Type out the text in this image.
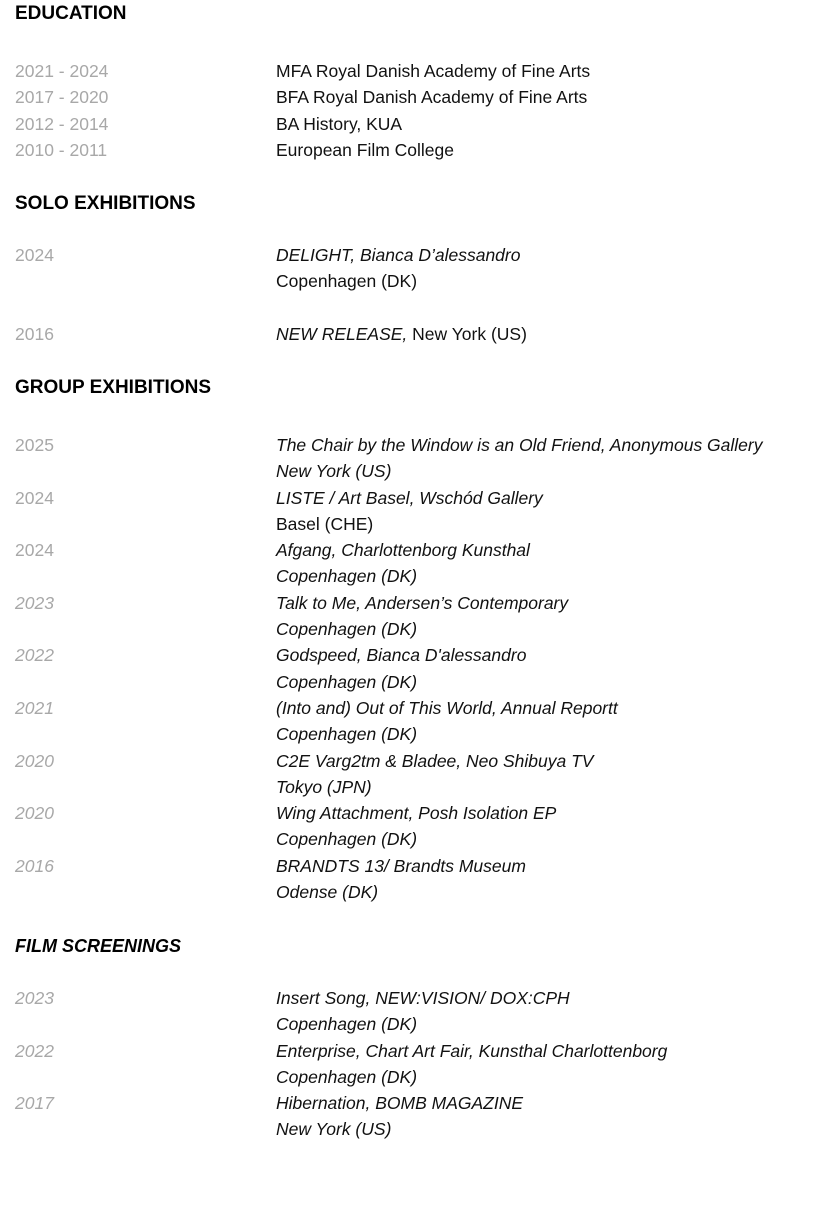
EDUCATION
2021 - 2024	MFA Royal Danish Academy of Fine Arts
2017 - 2020	BFA Royal Danish Academy of Fine Arts
2012 - 2014	BA History, KUA
2010 - 2011	European Film College
SOLO EXHIBITIONS
2024	DELIGHT, Bianca D’alessandro
Copenhagen (DK)
2016	NEW RELEASE, New York (US)
GROUP EXHIBITIONS
2025	The Chair by the Window is an Old Friend, Anonymous Gallery
New York (US)
2024	LISTE / Art Basel, Wschód Gallery
Basel (CHE)
2024	Afgang, Charlottenborg Kunsthal
Copenhagen (DK)
2023	Talk to Me, Andersen’s Contemporary
Copenhagen (DK)
2022	Godspeed, Bianca D'alessandro
Copenhagen (DK)
2021	(Into and) Out of This World, Annual Reportt
Copenhagen (DK)
2020	C2E Varg2tm & Bladee, Neo Shibuya TV
Tokyo (JPN)
2020	Wing Attachment, Posh Isolation EP
Copenhagen (DK)
2016	BRANDTS 13/ Brandts Museum
Odense (DK)
FILM SCREENINGS
2023	Insert Song, NEW:VISION/ DOX:CPH
Copenhagen (DK)
2022	Enterprise, Chart Art Fair, Kunsthal Charlottenborg
Copenhagen (DK)
2017	Hibernation, BOMB MAGAZINE
New York (US)
